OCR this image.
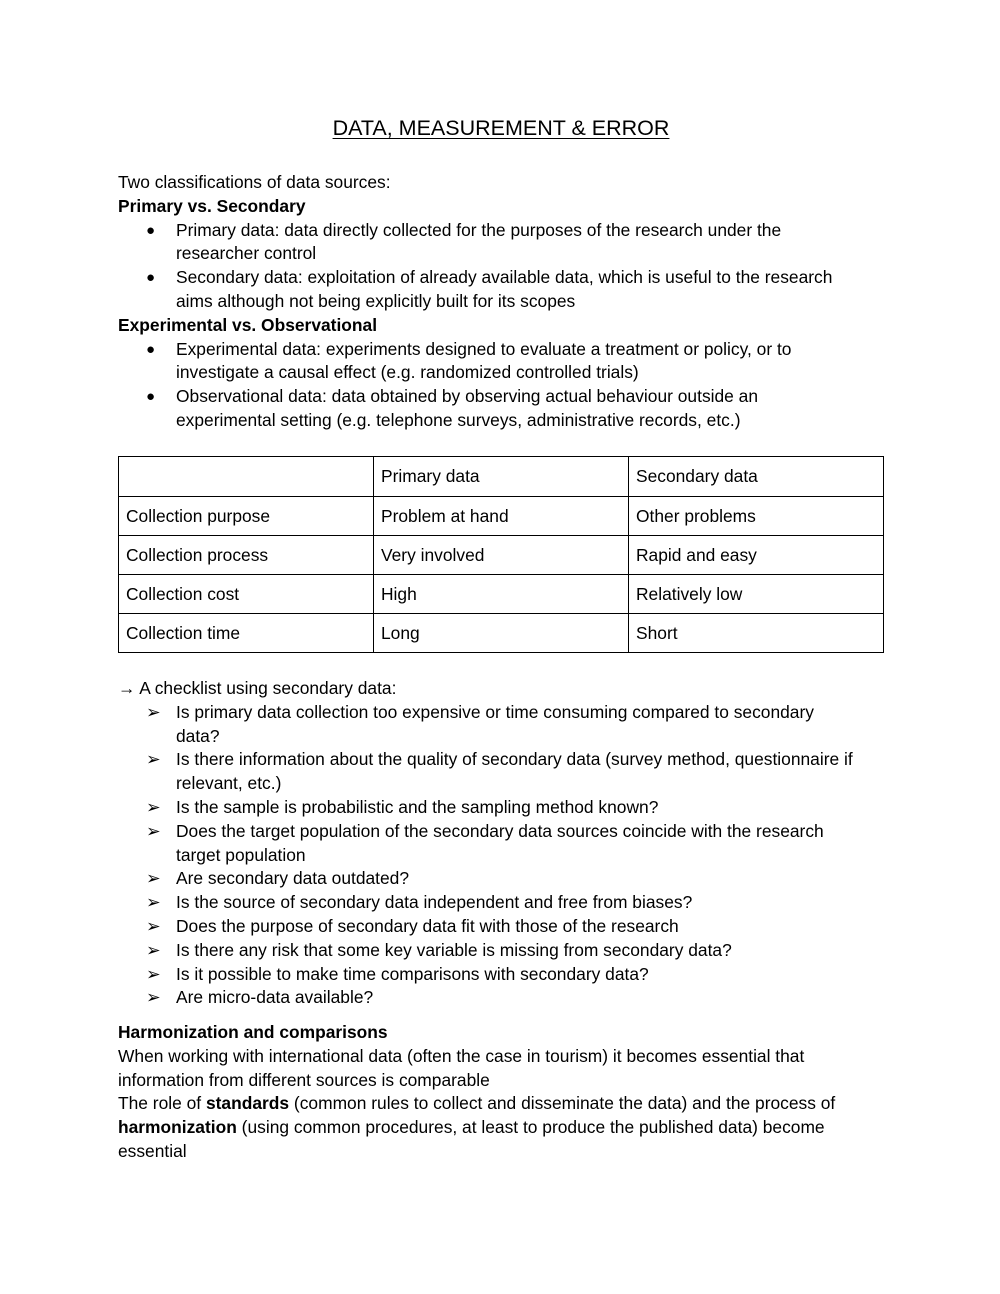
DATA, MEASUREMENT & ERROR

Two classifications of data sources:

Primary vs. Secondary

●	Primary data: data directly collected for the purposes of the research under the
researcher control
●	Secondary data: exploitation of already available data, which is useful to the research
aims although not being explicitly built for its scopes

Experimental vs. Observational

●	Experimental data: experiments designed to evaluate a treatment or policy, or to
investigate a causal effect (e.g. randomized controlled trials)
●	Observational data: data obtained by observing actual behaviour outside an
experimental setting (e.g. telephone surveys, administrative records, etc.)
	Primary data	Secondary data
Collection purpose	Problem at hand	Other problems
Collection process	Very involved	Rapid and easy
Collection cost	High	Relatively low
Collection time	Long	Short

→ A checklist using secondary data:

➢ Is primary data collection too expensive or time consuming compared to secondary
data?
➢ Is there information about the quality of secondary data (survey method, questionnaire if
relevant, etc.)
➢ Is the sample is probabilistic and the sampling method known?
➢ Does the target population of the secondary data sources coincide with the research
target population
➢ Are secondary data outdated?
➢ Is the source of secondary data independent and free from biases?
➢ Does the purpose of secondary data fit with those of the research
➢ Is there any risk that some key variable is missing from secondary data?
➢ Is it possible to make time comparisons with secondary data?
➢ Are micro-data available?

Harmonization and comparisons

When working with international data (often the case in tourism) it becomes essential that
information from different sources is comparable

The role of standards (common rules to collect and disseminate the data) and the process of
harmonization (using common procedures, at least to produce the published data) become
essential
